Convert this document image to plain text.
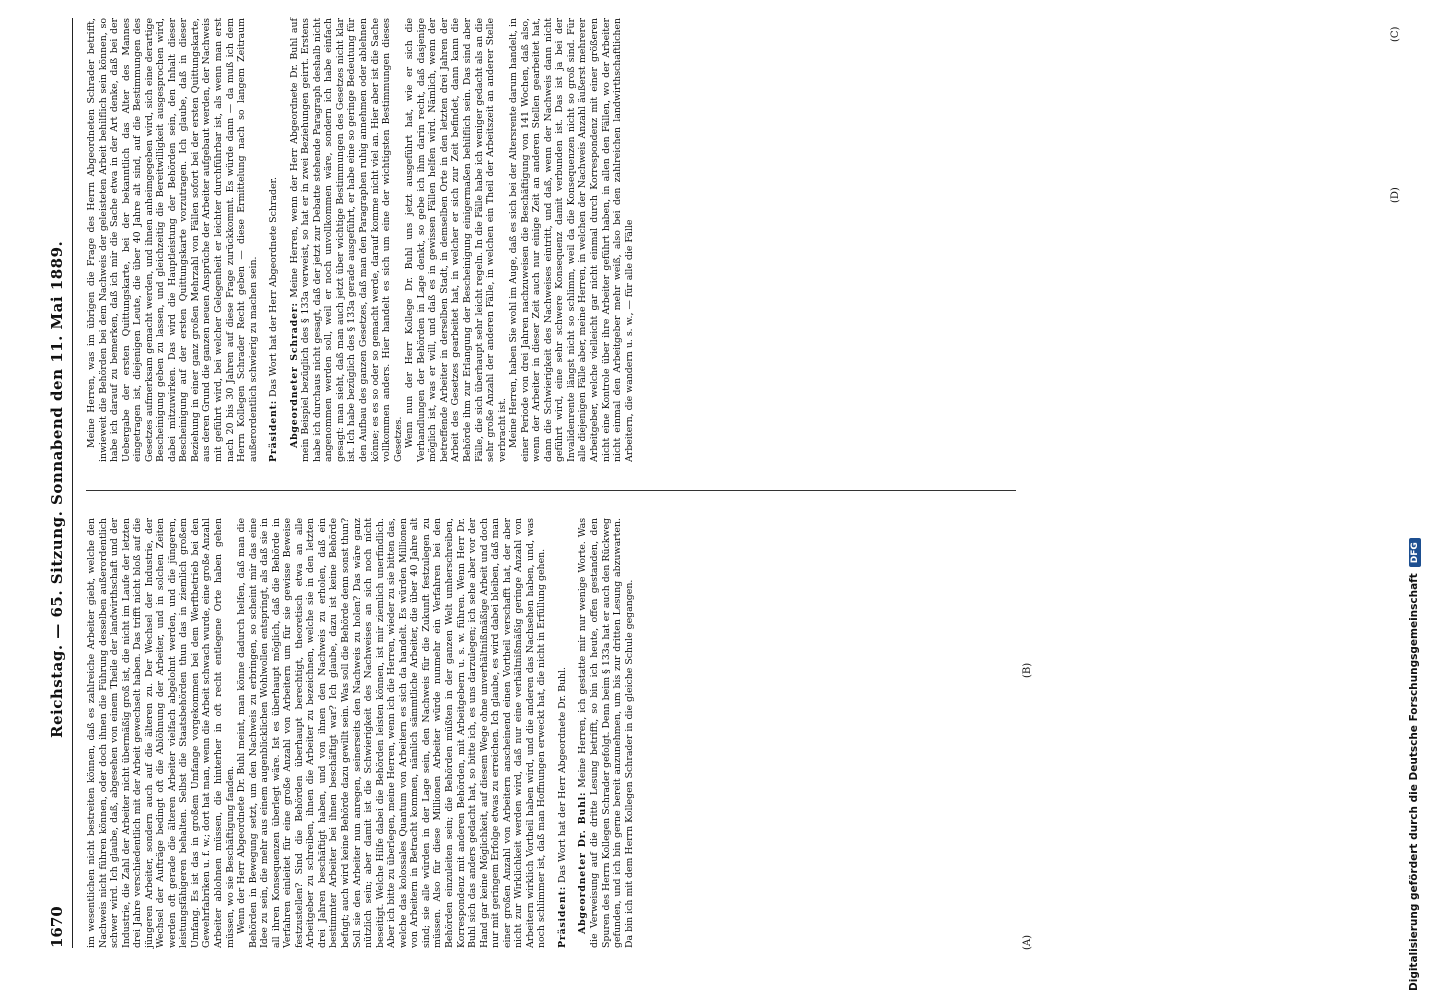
1670
Reichstag. — 65. Sitzung. Sonnabend den 11. Mai 1889. im wesentlichen nicht bestreiten können, daß es zahlreiche Arbeiter giebt, welche den Nachweis nicht führen können, oder doch ihnen die Führung desselben außerordentlich schwer wird. Ich glaube, daß, abgesehen von einem Theile der landwirthschaft und der Industrie, die Zahl der Arbeiter nicht übermäßig groß ist, die nicht im Laufe der letzten drei Jahre verschiedentlich mit der Arbeit gewechselt haben. Das trifft nicht bloß auf die jüngeren Arbeiter, sondern auch auf die älteren zu. Der Wechsel der Industrie, der Wechsel der Aufträge bedingt oft die Ablöhnung der Arbeiter, und in solchen Zeiten werden oft gerade die älteren Arbeiter vielfach abgelohnt werden, und die jüngeren, leistungsfähigeren behalten. Selbst die Staatsbehörden thun das in ziemlich großem Umfang. Es ist das in großem Umfange vorgekommen bei dem Werftbetrieb bei den Gewehrfabriken u. f. w.; dort hat man, wenn die Arbeit schwach wurde, eine große Anzahl Arbeiter ablohnen müssen, die hinterher in oft recht entlegene Orte haben gehen müssen, wo sie Beschäftigung fanden. Wenn der Herr Abgeordnete Dr. Buhl meint, man könne dadurch helfen, daß man die Behörden in Bewegung setzt, um den Nachweis zu erbringen, so scheint mir das eine Idee zu sein, die mehr aus einem augenblicklichen Wohlwollen entspringt, als daß sie in all ihren Konsequenzen überlegt wäre. Ist es überhaupt möglich, daß die Behörde in Verfahren einleitet für eine große Anzahl von Arbeitern um für sie gewisse Beweise festzustellen? Sind die Behörden überhaupt berechtigt, theoretisch etwa an alle Arbeitgeber zu schreiben, ihnen die Arbeiter zu bezeichnen, welche sie in den letzten drei Jahren beschäftigt haben, und von ihnen den Nachweis zu erholen, daß ein bestimmter Arbeiter bei ihnen beschäftigt war? Ich glaube, dazu ist keine Behörde befugt; auch wird keine Behörde dazu gewillt sein. Was soll die Behörde denn sonst thun? Soll sie den Arbeiter nun anregen, seinerseits den Nachweis zu holen? Das wäre ganz nützlich sein; aber damit ist die Schwierigkeit des Nachweises an sich noch nicht beseitigt. Welche Hilfe dabei die Behörden leisten können, ist mir ziemlich unerfindlich. Aber ich bitte zu überlegen, meine Herren, wenn ich die Herren, wieder zu sie bitten das, welche das kolossales Quantum von Arbeitern es sich da handelt. Es würden Millionen von Arbeitern in Betracht kommen, nämlich sämmtliche Arbeiter, die über 40 Jahre alt sind; sie alle würden in der Lage sein, den Nachweis für die Zukunft festzulegen zu müssen. Also für diese Millionen Arbeiter würde nunmehr ein Verfahren bei den Behörden einzuleiten sein; die Behörden müßten in der ganzen Welt umherschreiben, Korrespondenz mit anderen Behörden, mit Arbeitgebern u. s. w. führen. Wenn Herr Dr. Buhl sich das anders gedacht hat, so bitte ich, es uns darzulegen; ich sehe aber vor der Hand gar keine Möglichkeit, auf diesem Wege ohne unverhältnißmäßige Arbeit und doch nur mit geringem Erfolge etwas zu erreichen. Ich glaube, es wird dabei bleiben, daß man einer großen Anzahl von Arbeitern anscheinend einen Vortheil verschafft hat, der aber nicht zur Wirklichkeit werden wird, daß nur eine verhältnißmäßig geringe Anzahl von Arbeitern wirklich Vortheil haben wird, und die anderen das Nachsehen haben, und, was noch schlimmer ist, daß man Hoffnungen erweckt hat, die nicht in Erfüllung gehen. Präsident: Das Wort hat der Herr Abgeordnete Dr. Buhl. Abgeordneter Dr. Buhl: Meine Herren, ich gestatte mir nur wenige Worte. Was die Verweisung auf die dritte Lesung betrifft, so bin ich heute, offen gestanden, den Spuren des Herrn Kollegen Schrader gefolgt. Denn beim § 133a hat er auch den Rückweg gefunden, und ich bin gerne bereit anzunehmen, um bis zur dritten Lesung abzuwarten. Da bin ich mit dem Herrn Kollegen Schrader in die gleiche Schule gegangen.

Meine Herren, was im übrigen die Frage des Herrn Abgeordneten Schrader betrifft, inwieweit die Behörden bei dem Nachweis der geleisteten Arbeit behilflich sein können, so habe ich darauf zu bemerken, daß ich mir die Sache etwa in der Art denke, daß bei der Uebergabe der ersten Quittungskarte, bei der bekanntlich das Alter des Mannes eingetragen ist, diejenigen Leute, die über 40 Jahre alt sind, auf die Bestimmungen des Gesetzes aufmerksam gemacht werden, und ihnen anheimgegeben wird, sich eine derartige Bescheinigung geben zu lassen, und gleichzeitig die Bereitwilligkeit ausgesprochen wird, dabei mitzuwirken. Das wird die Hauptleistung der Behörden sein, den Inhalt dieser Bescheinigung auf der ersten Quittungskarte vorzutragen. Ich glaube, daß in dieser Beziehung in einer ganz großen Mehrzahl von Fällen sofort bei der ersten Quittungskarte, aus deren Grund die ganzen neuen Ansprüche der Arbeiter aufgebaut werden, der Nachweis mit geführt wird, bei welcher Gelegenheit er leichter durchführbar ist, als wenn man erst nach 20 bis 30 Jahren auf diese Frage zurückkommt. Es würde dann — da muß ich dem Herrn Kollegen Schrader Recht geben — diese Ermittelung nach so langem Zeitraum außerordentlich schwierig zu machen sein. Präsident: Das Wort hat der Herr Abgeordnete Schrader. Abgeordneter Schrader: Meine Herren, wenn der Herr Abgeordnete Dr. Buhl auf mein Beispiel bezüglich des § 133a verweist, so hat er in zwei Beziehungen geirrt. Erstens habe ich durchaus nicht gesagt, daß der jetzt zur Debatte stehende Paragraph deshalb nicht angenommen werden soll, weil er noch unvollkommen wäre, sondern ich habe einfach gesagt: man sieht, daß man auch jetzt über wichtige Bestimmungen des Gesetzes nicht klar ist. Ich habe bezüglich des § 133a gerade ausgeführt, er habe eine so geringe Bedeutung für den Aufbau des ganzen Gesetzes, daß man den Paragraphen ruhig annehmen oder ablehnen könne; es es so oder so gemacht werde, darauf komme nicht viel an. Hier aber ist die Sache vollkommen anders. Hier handelt es sich um eine der wichtigsten Bestimmungen dieses Gesetzes. Wenn nun der Herr Kollege Dr. Buhl uns jetzt ausgeführt hat, wie er sich die Verhandlungen der Behörden in Lage denkt, so gebe ich ihm darin recht, daß dasjenige möglich ist, was er will, und daß es in gewissen Fällen helfen wird. Nämlich, wenn der betreffende Arbeiter in derselben Stadt, in demselben Orte in den letzten drei Jahren der Arbeit des Gesetzes gearbeitet hat, in welcher er sich zur Zeit befindet, dann kann die Behörde ihm zur Erlangung der Bescheinigung einigermaßen behilflich sein. Das sind aber Fälle, die sich überhaupt sehr leicht regeln. In die Fälle habe ich weniger gedacht als an die sehr große Anzahl der anderen Fälle, in welchen ein Theil der Arbeitszeit an anderer Stelle verbracht ist. Meine Herren, haben Sie wohl im Auge, daß es sich bei der Altersrente darum handelt, in einer Periode von drei Jahren nachzuweisen die Beschäftigung von 141 Wochen, daß also, wenn der Arbeiter in dieser Zeit auch nur einige Zeit an anderen Stellen gearbeitet hat, dann die Schwierigkeit des Nachweises eintritt, und daß, wenn der Nachweis dann nicht geführt wird, eine sehr schwere Konsequenz damit verbunden ist. Das ist ja bei der Invalidenrente längst nicht so schlimm, weil da die Konsequenzen nicht so groß sind. Für alle diejenigen Fälle aber, meine Herren, in welchen der Nachweis Anzahl äußerst mehrerer Arbeitgeber, welche vielleicht gar nicht einmal durch Korrespondenz mit einer größeren nicht eine Kontrole über ihre Arbeiter geführt haben, in allen den Fällen, wo der Arbeiter nicht einmal den Arbeitgeber mehr weiß, also bei den zahlreichen landwirthschaftlichen Arbeitern, die wandern u. s. w., — für alle die Fälle

(A)
(B)
(C)
(D)
Digitalisierung gefördert durch die Deutsche ForschungsgemeinschaftDFG
